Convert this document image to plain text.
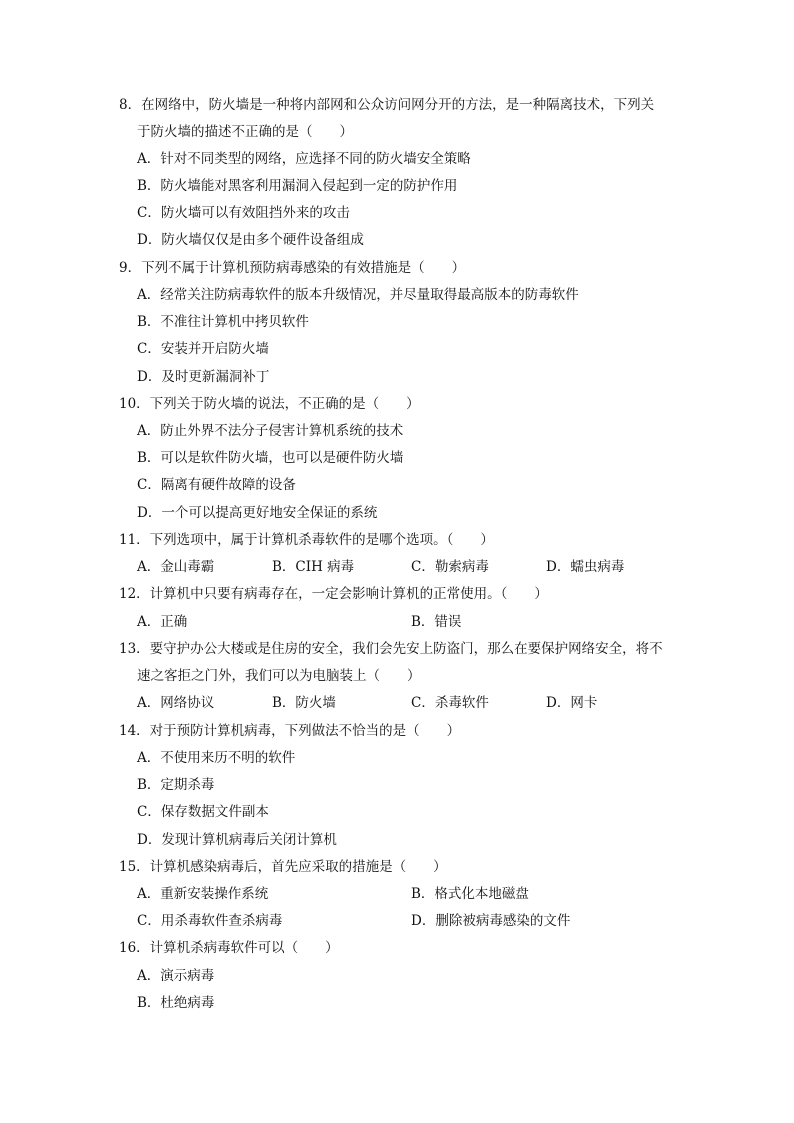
8．在网络中，防火墙是一种将内部网和公众访问网分开的方法，是一种隔离技术，下列关
于防火墙的描述不正确的是（　　）
A．针对不同类型的网络，应选择不同的防火墙安全策略
B．防火墙能对黑客利用漏洞入侵起到一定的防护作用
C．防火墙可以有效阻挡外来的攻击
D．防火墙仅仅是由多个硬件设备组成
9．下列不属于计算机预防病毒感染的有效措施是（　　）
A．经常关注防病毒软件的版本升级情况，并尽量取得最高版本的防毒软件
B．不准往计算机中拷贝软件
C．安装并开启防火墙
D．及时更新漏洞补丁
10．下列关于防火墙的说法，不正确的是（　　）
A．防止外界不法分子侵害计算机系统的技术
B．可以是软件防火墙，也可以是硬件防火墙
C．隔离有硬件故障的设备
D．一个可以提高更好地安全保证的系统
11．下列选项中，属于计算机杀毒软件的是哪个选项。（　　）
A．金山毒霸	B．CIH 病毒	C．勒索病毒	D．蠕虫病毒
12．计算机中只要有病毒存在，一定会影响计算机的正常使用。（　　）
A．正确	B．错误
13．要守护办公大楼或是住房的安全，我们会先安上防盗门，那么在要保护网络安全，将不
速之客拒之门外，我们可以为电脑装上（　　）
A．网络协议	B．防火墙	C．杀毒软件	D．网卡
14．对于预防计算机病毒，下列做法不恰当的是（　　）
A．不使用来历不明的软件
B．定期杀毒
C．保存数据文件副本
D．发现计算机病毒后关闭计算机
15．计算机感染病毒后，首先应采取的措施是（　　）
A．重新安装操作系统	B．格式化本地磁盘
C．用杀毒软件查杀病毒	D．删除被病毒感染的文件
16．计算机杀病毒软件可以（　　）
A．演示病毒
B．杜绝病毒
